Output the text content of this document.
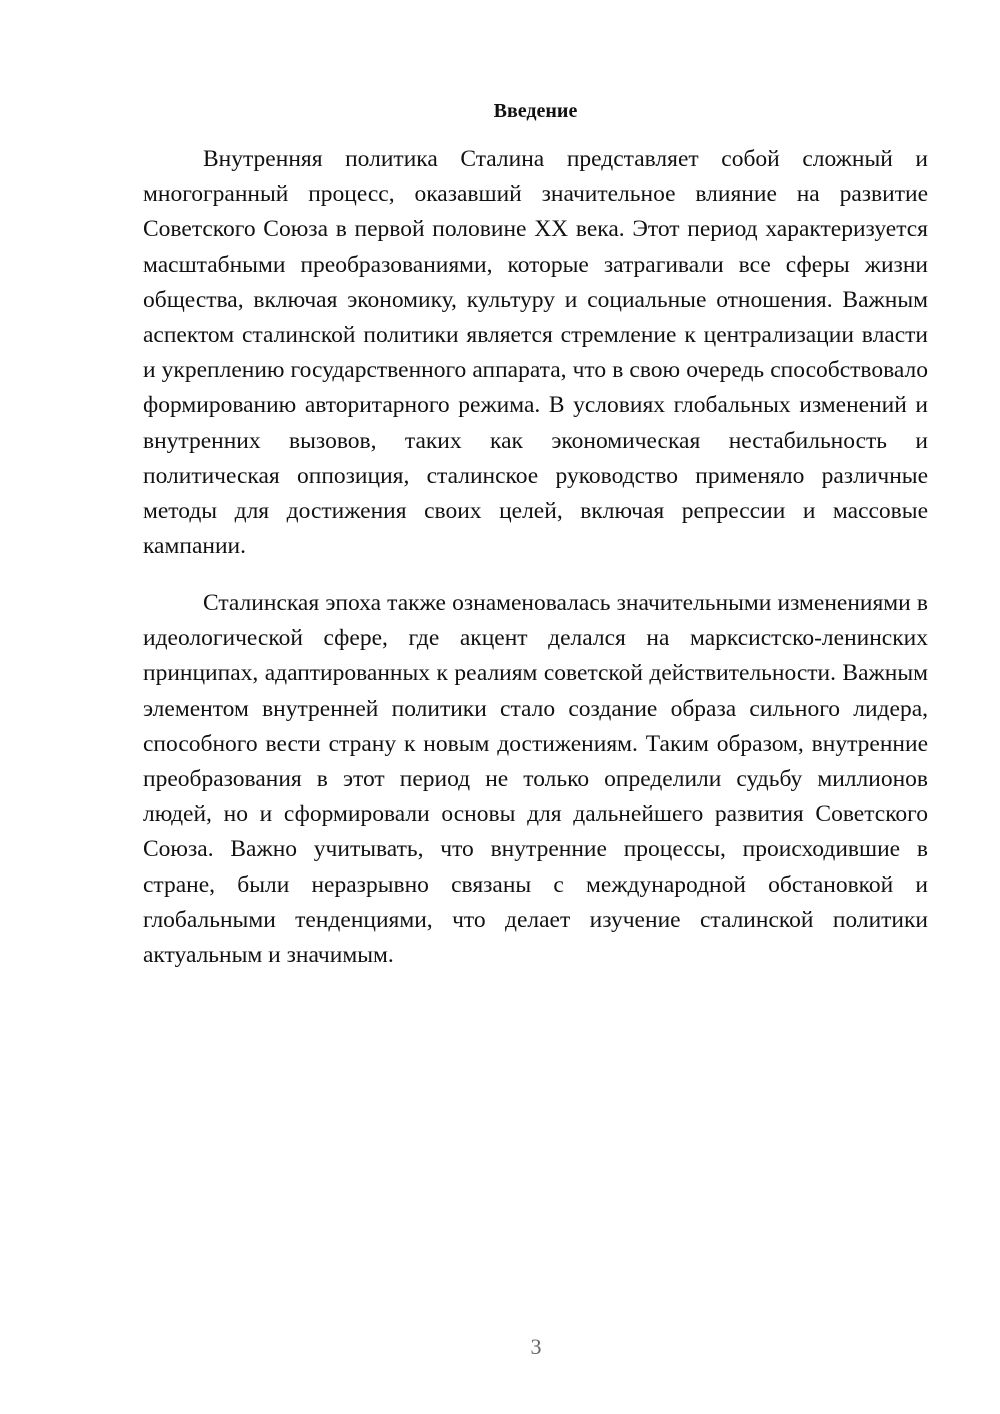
Введение

Внутренняя политика Сталина представляет собой сложный и многогранный процесс, оказавший значительное влияние на развитие Советского Союза в первой половине XX века. Этот период характеризуется масштабными преобразованиями, которые затрагивали все сферы жизни общества, включая экономику, культуру и социальные отношения. Важным аспектом сталинской политики является стремление к централизации власти и укреплению государственного аппарата, что в свою очередь способствовало формированию авторитарного режима. В условиях глобальных изменений и внутренних вызовов, таких как экономическая нестабильность и политическая оппозиция, сталинское руководство применяло различные методы для достижения своих целей, включая репрессии и массовые кампании.

Сталинская эпоха также ознаменовалась значительными изменениями в идеологической сфере, где акцент делался на марксистско-ленинских принципах, адаптированных к реалиям советской действительности. Важным элементом внутренней политики стало создание образа сильного лидера, способного вести страну к новым достижениям. Таким образом, внутренние преобразования в этот период не только определили судьбу миллионов людей, но и сформировали основы для дальнейшего развития Советского Союза. Важно учитывать, что внутренние процессы, происходившие в стране, были неразрывно связаны с международной обстановкой и глобальными тенденциями, что делает изучение сталинской политики актуальным и значимым.

3
